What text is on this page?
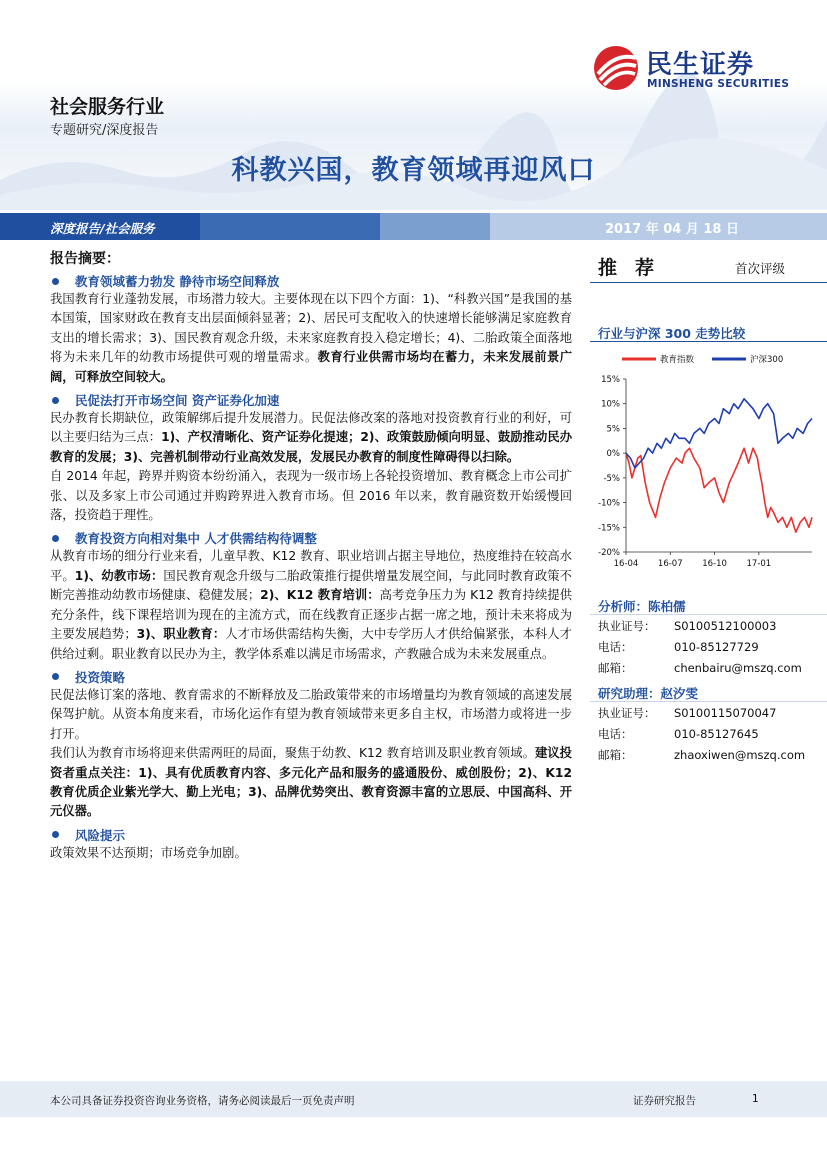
社会服务行业
专题研究/深度报告
科教兴国，教育领域再迎风口
民生证券
MINSHENG SECURITIES
深度报告/社会服务	2017 年 04 月 18 日
报告摘要：
教育领域蓄力勃发 静待市场空间释放
我国教育行业蓬勃发展，市场潜力较大。主要体现在以下四个方面：1)、“科教兴国”是我国的基本国策，国家财政在教育支出层面倾斜显著；2)、居民可支配收入的快速增长能够满足家庭教育支出的增长需求；3)、国民教育观念升级，未来家庭教育投入稳定增长；4)、二胎政策全面落地将为未来几年的幼教市场提供可观的增量需求。教育行业供需市场均在蓄力，未来发展前景广阔，可释放空间较大。
民促法打开市场空间 资产证券化加速
民办教育长期缺位，政策解绑后提升发展潜力。民促法修改案的落地对投资教育行业的利好，可以主要归结为三点：1)、产权清晰化、资产证券化提速；2)、政策鼓励倾向明显、鼓励推动民办教育的发展；3)、完善机制带动行业高效发展，发展民办教育的制度性障碍得以扫除。
自 2014 年起，跨界并购资本纷纷涌入，表现为一级市场上各轮投资增加、教育概念上市公司扩张、以及多家上市公司通过并购跨界进入教育市场。但 2016 年以来，教育融资数开始缓慢回落，投资趋于理性。
教育投资方向相对集中 人才供需结构待调整
从教育市场的细分行业来看，儿童早教、K12 教育、职业培训占据主导地位，热度维持在较高水平。1)、幼教市场：国民教育观念升级与二胎政策推行提供增量发展空间，与此同时教育政策不断完善推动幼教市场健康、稳健发展；2)、K12 教育培训：高考竞争压力为 K12 教育持续提供充分条件，线下课程培训为现在的主流方式，而在线教育正逐步占据一席之地，预计未来将成为主要发展趋势；3)、职业教育：人才市场供需结构失衡，大中专学历人才供给偏紧张，本科人才供给过剩。职业教育以民办为主，教学体系难以满足市场需求，产教融合成为未来发展重点。
投资策略
民促法修订案的落地、教育需求的不断释放及二胎政策带来的市场增量均为教育领域的高速发展保驾护航。从资本角度来看，市场化运作有望为教育领域带来更多自主权，市场潜力或将进一步打开。
我们认为教育市场将迎来供需两旺的局面，聚焦于幼教、K12 教育培训及职业教育领域。建议投资者重点关注：1)、具有优质教育内容、多元化产品和服务的盛通股份、威创股份；2)、K12 教育优质企业紫光学大、勤上光电；3)、品牌优势突出、教育资源丰富的立思辰、中国高科、开元仪器。
风险提示
政策效果不达预期；市场竞争加剧。
推荐	首次评级
行业与沪深 300 走势比较
教育指数	沪深300
15%
10%
5%
0%
-5%
-10%
-15%
-20%
16-04 16-07 16-10 17-01
分析师：陈柏儒
执业证号： S0100512100003
电话：	010-85127729
邮箱：	chenbairu@mszq.com
研究助理：赵汐雯
执业证号： S0100115070047
电话：	010-85127645
邮箱：	zhaoxiwen@mszq.com
本公司具备证券投资咨询业务资格，请务必阅读最后一页免责声明	证券研究报告	1
